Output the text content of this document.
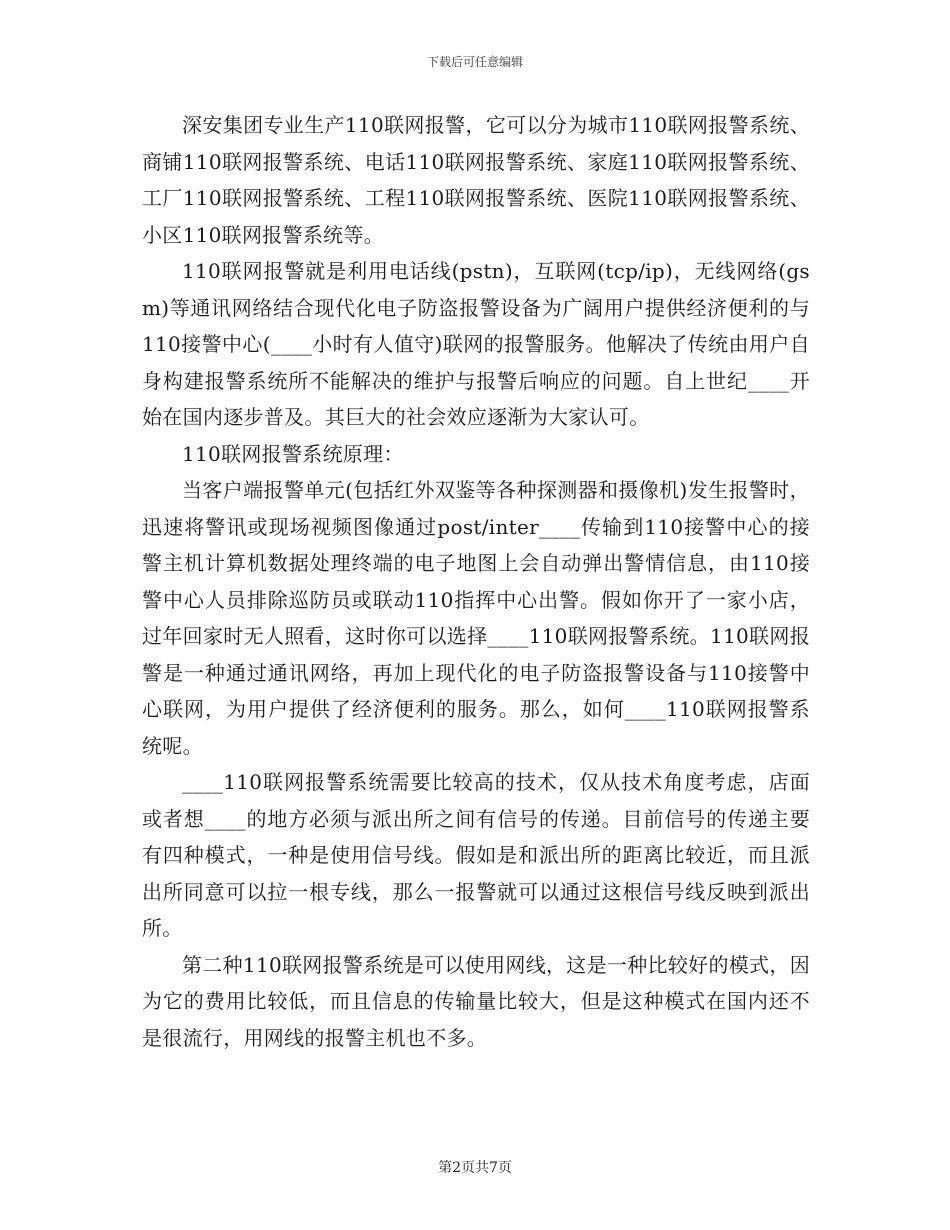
下载后可任意编辑

深安集团专业生产110联网报警，它可以分为城市110联网报警系统、商铺110联网报警系统、电话110联网报警系统、家庭110联网报警系统、工厂110联网报警系统、工程110联网报警系统、医院110联网报警系统、小区110联网报警系统等。

110联网报警就是利用电话线(pstn)，互联网(tcp/ip)，无线网络(gsm)等通讯网络结合现代化电子防盗报警设备为广阔用户提供经济便利的与110接警中心(____小时有人值守)联网的报警服务。他解决了传统由用户自身构建报警系统所不能解决的维护与报警后响应的问题。自上世纪____开始在国内逐步普及。其巨大的社会效应逐渐为大家认可。

110联网报警系统原理：

当客户端报警单元(包括红外双鉴等各种探测器和摄像机)发生报警时，迅速将警讯或现场视频图像通过post/inter____传输到110接警中心的接警主机计算机数据处理终端的电子地图上会自动弹出警情信息，由110接警中心人员排除巡防员或联动110指挥中心出警。假如你开了一家小店，过年回家时无人照看，这时你可以选择____110联网报警系统。110联网报警是一种通过通讯网络，再加上现代化的电子防盗报警设备与110接警中心联网，为用户提供了经济便利的服务。那么，如何____110联网报警系统呢。

____110联网报警系统需要比较高的技术，仅从技术角度考虑，店面或者想____的地方必须与派出所之间有信号的传递。目前信号的传递主要有四种模式，一种是使用信号线。假如是和派出所的距离比较近，而且派出所同意可以拉一根专线，那么一报警就可以通过这根信号线反映到派出所。

第二种110联网报警系统是可以使用网线，这是一种比较好的模式，因为它的费用比较低，而且信息的传输量比较大，但是这种模式在国内还不是很流行，用网线的报警主机也不多。

第2页共7页
